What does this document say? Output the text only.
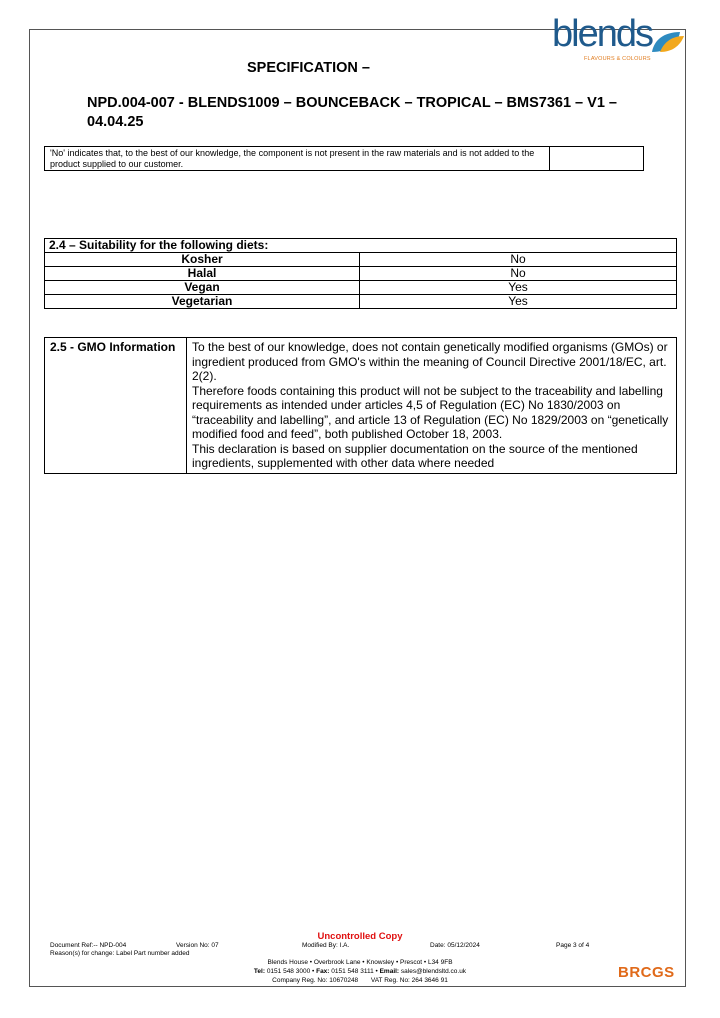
blends
FLAVOURS & COLOURS
SPECIFICATION –
NPD.004-007 - BLENDS1009 – BOUNCEBACK – TROPICAL – BMS7361 – V1 – 04.04.25
'No' indicates that, to the best of our knowledge, the component is not present in the raw materials and is not added to the product supplied to our customer.	
2.4 – Suitability for the following diets:	
Kosher	No
Halal	No
Vegan	Yes
Vegetarian	Yes
2.5 - GMO Information	To the best of our knowledge, does not contain genetically modified organisms (GMOs) or ingredient produced from GMO's within the meaning of Council Directive 2001/18/EC, art. 2(2).

Therefore foods containing this product will not be subject to the traceability and labelling requirements as intended under articles 4,5 of Regulation (EC) No 1830/2003 on “traceability and labelling”, and article 13 of Regulation (EC) No 1829/2003 on “genetically modified food and feed”, both published October 18, 2003.

This declaration is based on supplier documentation on the source of the mentioned ingredients, supplemented with other data where needed

Uncontrolled Copy
Document Ref:-- NPD-004	Version No: 07	Modified By: I.A.	Date: 05/12/2024	Page 3 of 4
Reason(s) for change: Label Part number added
Blends House • Overbrook Lane • Knowsley • Prescot • L34 9FB
Tel: 0151 548 3000 • Fax: 0151 548 3111 • Email: sales@blendsltd.co.uk
Company Reg. No: 10670248 VAT Reg. No: 264 3646 91	BRCGS
